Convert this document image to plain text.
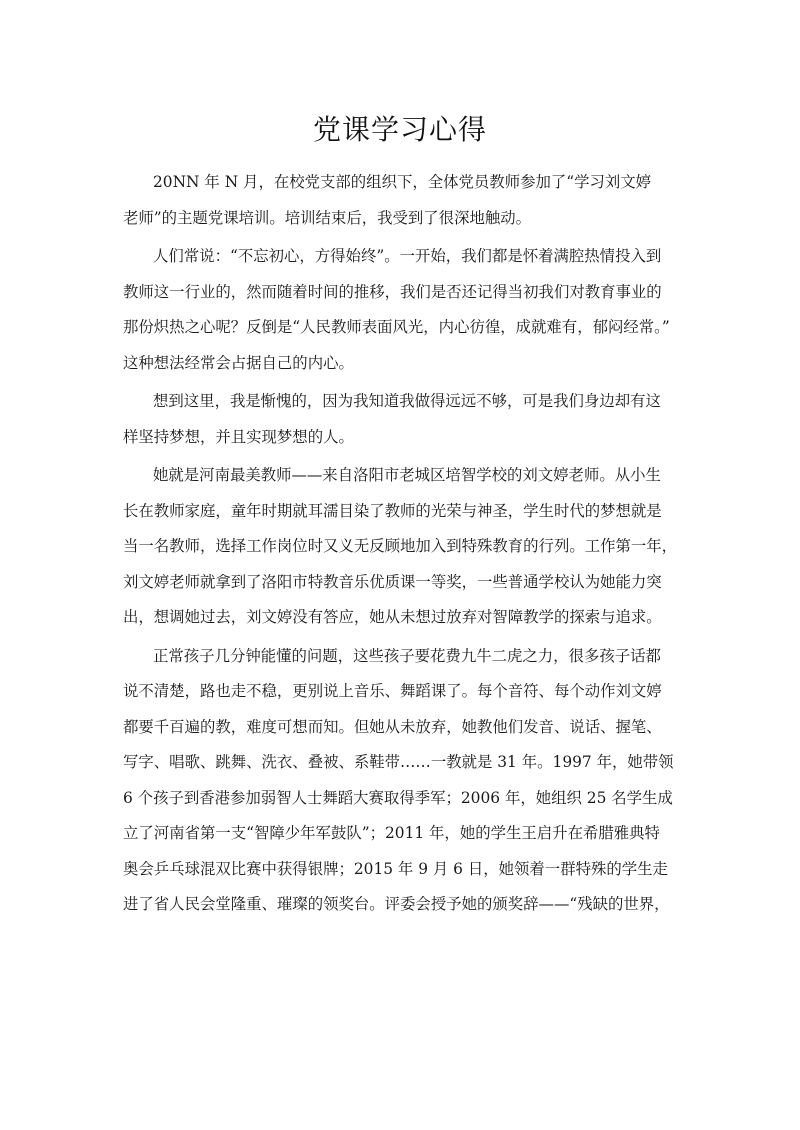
党课学习心得
20NN 年 N 月，在校党支部的组织下，全体党员教师参加了“学习刘文婷
老师”的主题党课培训。培训结束后，我受到了很深地触动。
人们常说：“不忘初心，方得始终”。一开始，我们都是怀着满腔热情投入到
教师这一行业的，然而随着时间的推移，我们是否还记得当初我们对教育事业的
那份炽热之心呢？反倒是“人民教师表面风光，内心彷徨，成就难有，郁闷经常。”
这种想法经常会占据自己的内心。
想到这里，我是惭愧的，因为我知道我做得远远不够，可是我们身边却有这
样坚持梦想，并且实现梦想的人。
她就是河南最美教师——来自洛阳市老城区培智学校的刘文婷老师。从小生
长在教师家庭，童年时期就耳濡目染了教师的光荣与神圣，学生时代的梦想就是
当一名教师，选择工作岗位时又义无反顾地加入到特殊教育的行列。工作第一年，
刘文婷老师就拿到了洛阳市特教音乐优质课一等奖，一些普通学校认为她能力突
出，想调她过去，刘文婷没有答应，她从未想过放弃对智障教学的探索与追求。
正常孩子几分钟能懂的问题，这些孩子要花费九牛二虎之力，很多孩子话都
说不清楚，路也走不稳，更别说上音乐、舞蹈课了。每个音符、每个动作刘文婷
都要千百遍的教，难度可想而知。但她从未放弃，她教他们发音、说话、握笔、
写字、唱歌、跳舞、洗衣、叠被、系鞋带……一教就是 31 年。1997 年，她带领
6 个孩子到香港参加弱智人士舞蹈大赛取得季军；2006 年，她组织 25 名学生成
立了河南省第一支“智障少年军鼓队”；2011 年，她的学生王启升在希腊雅典特
奥会乒乓球混双比赛中获得银牌；2015 年 9 月 6 日，她领着一群特殊的学生走
进了省人民会堂隆重、璀璨的领奖台。评委会授予她的颁奖辞——“残缺的世界，
